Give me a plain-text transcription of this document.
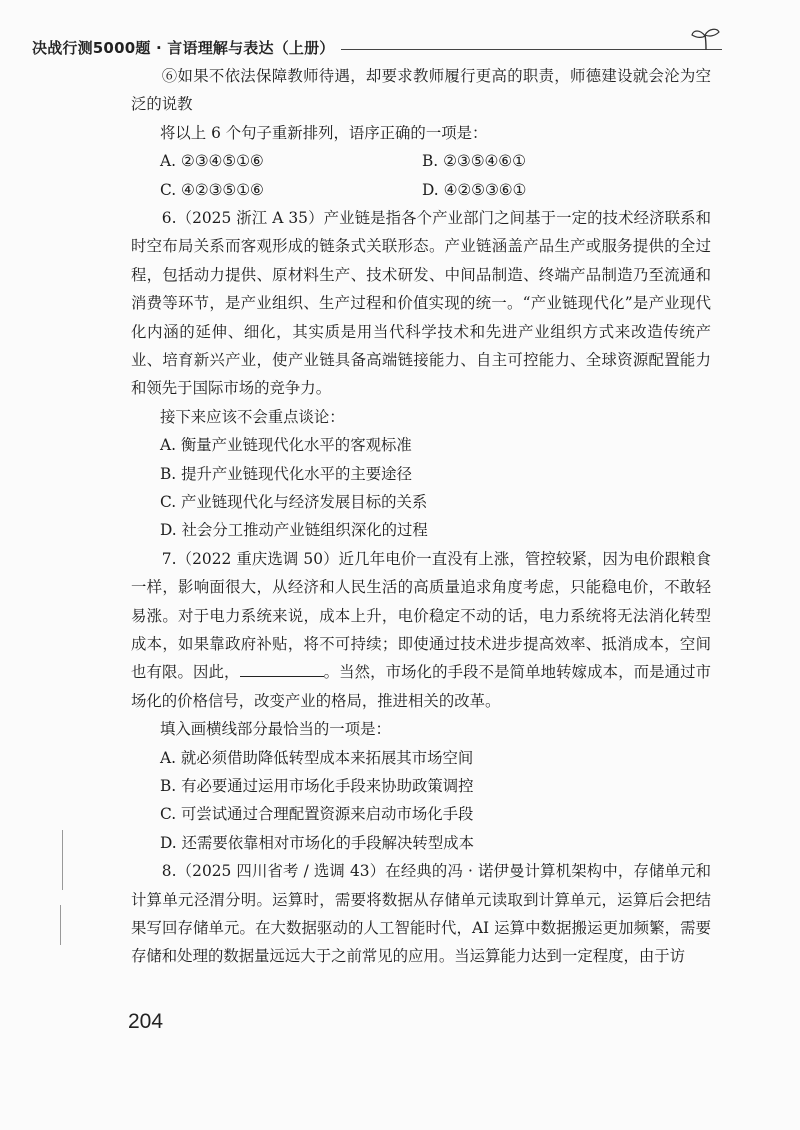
决战行测5000题 · 言语理解与表达（上册）

⑥如果不依法保障教师待遇，却要求教师履行更高的职责，师德建设就会沦为空泛的说教

将以上 6 个句子重新排列，语序正确的一项是：

A. ②③④⑤①⑥	B. ②③⑤④⑥①
C. ④②③⑤①⑥	D. ④②⑤③⑥①

6.（2025 浙江 A 35）产业链是指各个产业部门之间基于一定的技术经济联系和时空布局关系而客观形成的链条式关联形态。产业链涵盖产品生产或服务提供的全过程，包括动力提供、原材料生产、技术研发、中间品制造、终端产品制造乃至流通和消费等环节，是产业组织、生产过程和价值实现的统一。“产业链现代化”是产业现代化内涵的延伸、细化，其实质是用当代科学技术和先进产业组织方式来改造传统产业、培育新兴产业，使产业链具备高端链接能力、自主可控能力、全球资源配置能力和领先于国际市场的竞争力。

接下来应该不会重点谈论：

A. 衡量产业链现代化水平的客观标准

B. 提升产业链现代化水平的主要途径

C. 产业链现代化与经济发展目标的关系

D. 社会分工推动产业链组织深化的过程

7.（2022 重庆选调 50）近几年电价一直没有上涨，管控较紧，因为电价跟粮食一样，影响面很大，从经济和人民生活的高质量追求角度考虑，只能稳电价，不敢轻易涨。对于电力系统来说，成本上升，电价稳定不动的话，电力系统将无法消化转型成本，如果靠政府补贴，将不可持续；即使通过技术进步提高效率、抵消成本，空间也有限。因此，	。当然，市场化的手段不是简单地转嫁成本，而是通过市场化的价格信号，改变产业的格局，推进相关的改革。

填入画横线部分最恰当的一项是：

A. 就必须借助降低转型成本来拓展其市场空间

B. 有必要通过运用市场化手段来协助政策调控

C. 可尝试通过合理配置资源来启动市场化手段

D. 还需要依靠相对市场化的手段解决转型成本

8.（2025 四川省考 / 选调 43）在经典的冯 · 诺伊曼计算机架构中，存储单元和计算单元泾渭分明。运算时，需要将数据从存储单元读取到计算单元，运算后会把结果写回存储单元。在大数据驱动的人工智能时代，AI 运算中数据搬运更加频繁，需要存储和处理的数据量远远大于之前常见的应用。当运算能力达到一定程度，由于访

204
